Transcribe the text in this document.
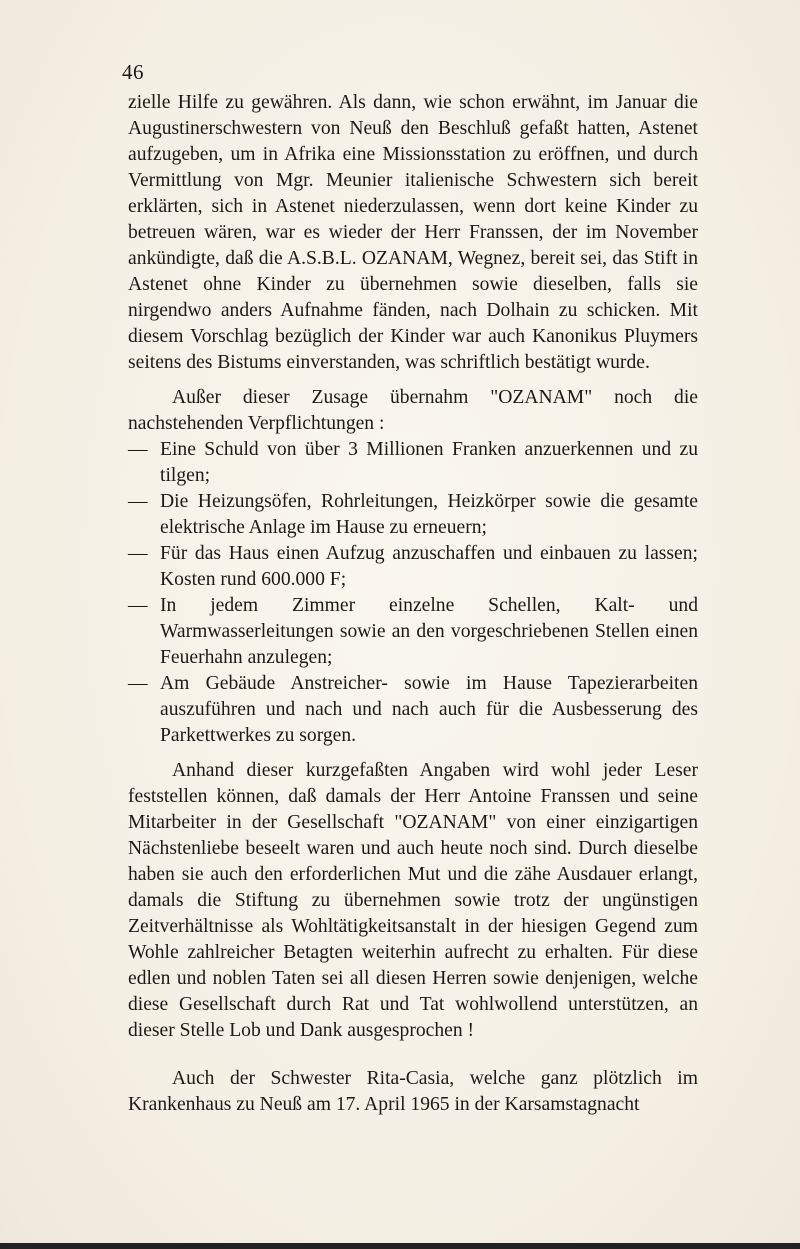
46

zielle Hilfe zu gewähren. Als dann, wie schon erwähnt, im Januar die Augustinerschwestern von Neuß den Beschluß gefaßt hatten, Astenet aufzugeben, um in Afrika eine Missionsstation zu eröffnen, und durch Vermittlung von Mgr. Meunier italienische Schwestern sich bereit erklärten, sich in Astenet niederzulassen, wenn dort keine Kinder zu betreuen wären, war es wieder der Herr Franssen, der im November ankündigte, daß die A.S.B.L. OZANAM, Wegnez, bereit sei, das Stift in Astenet ohne Kinder zu übernehmen sowie dieselben, falls sie nirgendwo anders Aufnahme fänden, nach Dolhain zu schicken. Mit diesem Vorschlag bezüglich der Kinder war auch Kanonikus Pluymers seitens des Bistums einverstanden, was schriftlich bestätigt wurde.

Außer dieser Zusage übernahm "OZANAM" noch die nachstehenden Verpflichtungen :

— Eine Schuld von über 3 Millionen Franken anzuerkennen und zu tilgen;
— Die Heizungsöfen, Rohrleitungen, Heizkörper sowie die gesamte elektrische Anlage im Hause zu erneuern;
— Für das Haus einen Aufzug anzuschaffen und einbauen zu lassen; Kosten rund 600.000 F;
— In jedem Zimmer einzelne Schellen, Kalt- und Warmwasserleitungen sowie an den vorgeschriebenen Stellen einen Feuerhahn anzulegen;
— Am Gebäude Anstreicher- sowie im Hause Tapezierarbeiten auszuführen und nach und nach auch für die Ausbesserung des Parkettwerkes zu sorgen.

Anhand dieser kurzgefaßten Angaben wird wohl jeder Leser feststellen können, daß damals der Herr Antoine Franssen und seine Mitarbeiter in der Gesellschaft "OZANAM" von einer einzigartigen Nächstenliebe beseelt waren und auch heute noch sind. Durch dieselbe haben sie auch den erforderlichen Mut und die zähe Ausdauer erlangt, damals die Stiftung zu übernehmen sowie trotz der ungünstigen Zeitverhältnisse als Wohltätigkeitsanstalt in der hiesigen Gegend zum Wohle zahlreicher Betagten weiterhin aufrecht zu erhalten. Für diese edlen und noblen Taten sei all diesen Herren sowie denjenigen, welche diese Gesellschaft durch Rat und Tat wohlwollend unterstützen, an dieser Stelle Lob und Dank ausgesprochen !

Auch der Schwester Rita-Casia, welche ganz plötzlich im Krankenhaus zu Neuß am 17. April 1965 in der Karsamstagnacht
